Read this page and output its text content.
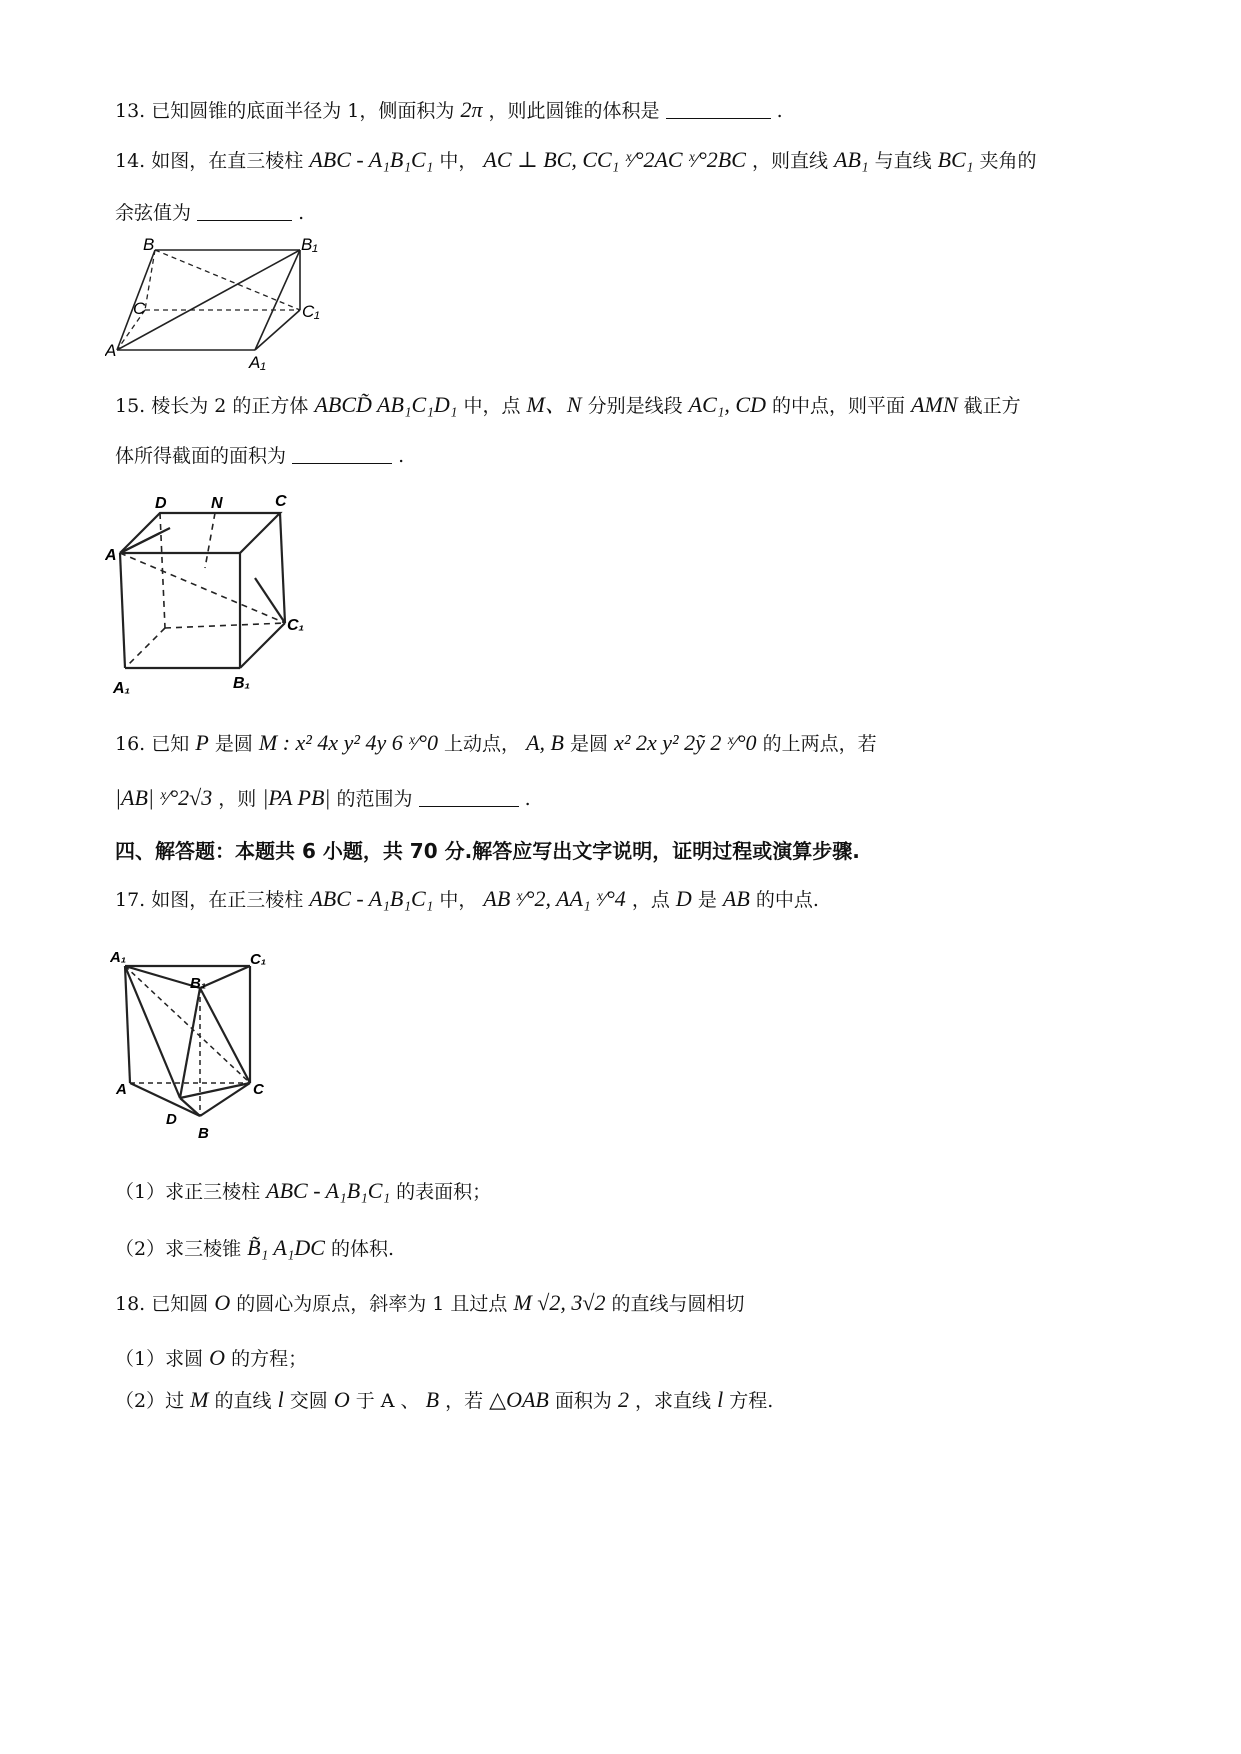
13. 已知圆锥的底面半径为 1，侧面积为 2π ，则此圆锥的体积是	.
14. 如图，在直三棱柱 ABC - A₁B₁C₁ 中， AC ⊥ BC, CC₁ ˣ⁄°2AC ˣ⁄°2BC ，则直线 AB₁ 与直线 BC₁ 夹角的
余弦值为	.
B	B₁
C	C₁
A
A₁
15. 棱长为 2 的正方体 ABCD̃ AB₁C₁D₁ 中，点 M、N 分别是线段 AC₁, CD 的中点，则平面 AMN 截正方
体所得截面的面积为	.
D	N	C
A
C₁
A₁	B₁
16. 已知 P 是圆 M : x² 4x y² 4y 6 ˣ⁄°0 上动点， A, B 是圆 x² 2x y² 2ỹ 2 ˣ⁄°0 的上两点，若
|AB| ˣ⁄°2√3 ，则 |PA PB| 的范围为	.
四、解答题：本题共 6 小题，共 70 分.解答应写出文字说明，证明过程或演算步骤.
17. 如图，在正三棱柱 ABC - A₁B₁C₁ 中， AB ˣ⁄°2, AA₁ ˣ⁄°4 ，点 D 是 AB 的中点.
A₁	C₁
B₁
A	C
D
B
（1）求正三棱柱 ABC - A₁B₁C₁ 的表面积；
（2）求三棱锥 B̃₁ A₁DC 的体积.
18. 已知圆 O 的圆心为原点，斜率为 1 且过点 M √2, 3√2 的直线与圆相切
（1）求圆 O 的方程；
（2）过 M 的直线 l 交圆 O 于 A 、 B ，若 △OAB 面积为 2 ，求直线 l 方程.
